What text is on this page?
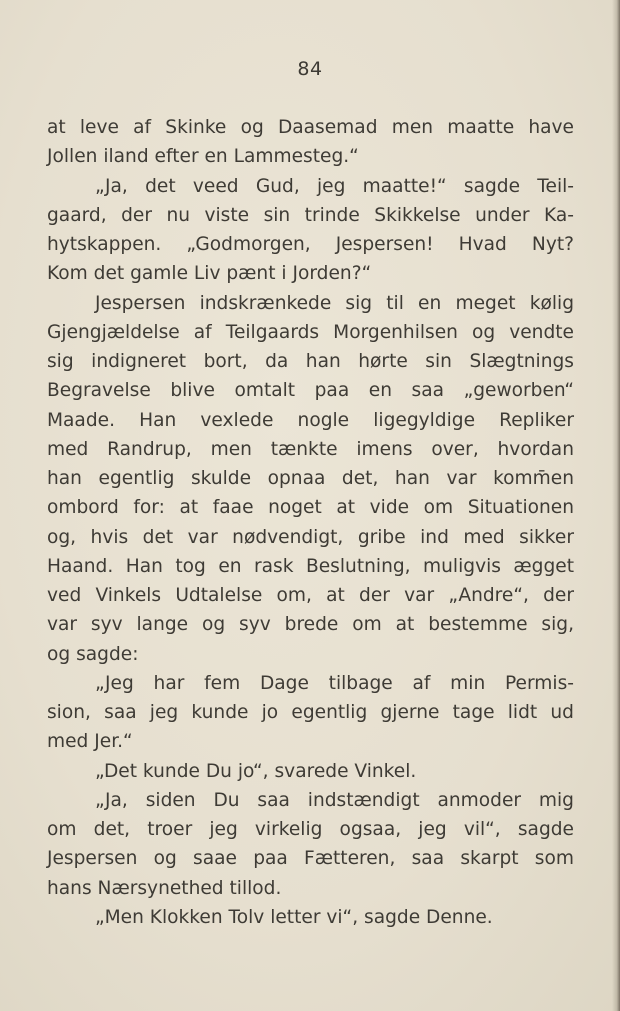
84
at leve af Skinke og Daasemad men maatte have
Jollen iland efter en Lammesteg.“
„Ja, det veed Gud, jeg maatte!“ sagde Teil-
gaard, der nu viste sin trinde Skikkelse under Ka-
hytskappen. „Godmorgen, Jespersen! Hvad Nyt?
Kom det gamle Liv pænt i Jorden?“
Jespersen indskrænkede sig til en meget kølig
Gjengjældelse af Teilgaards Morgenhilsen og vendte
sig indigneret bort, da han hørte sin Slægtnings
Begravelse blive omtalt paa en saa „geworben“
Maade. Han vexlede nogle ligegyldige Repliker
med Randrup, men tænkte imens over, hvordan
han egentlig skulde opnaa det, han var komm̄en
ombord for: at faae noget at vide om Situationen
og, hvis det var nødvendigt, gribe ind med sikker
Haand. Han tog en rask Beslutning, muligvis ægget
ved Vinkels Udtalelse om, at der var „Andre“, der
var syv lange og syv brede om at bestemme sig,
og sagde:
„Jeg har fem Dage tilbage af min Permis-
sion, saa jeg kunde jo egentlig gjerne tage lidt ud
med Jer.“
„Det kunde Du jo“, svarede Vinkel.
„Ja, siden Du saa indstændigt anmoder mig
om det, troer jeg virkelig ogsaa, jeg vil“, sagde
Jespersen og saae paa Fætteren, saa skarpt som
hans Nærsynethed tillod.
„Men Klokken Tolv letter vi“, sagde Denne.
